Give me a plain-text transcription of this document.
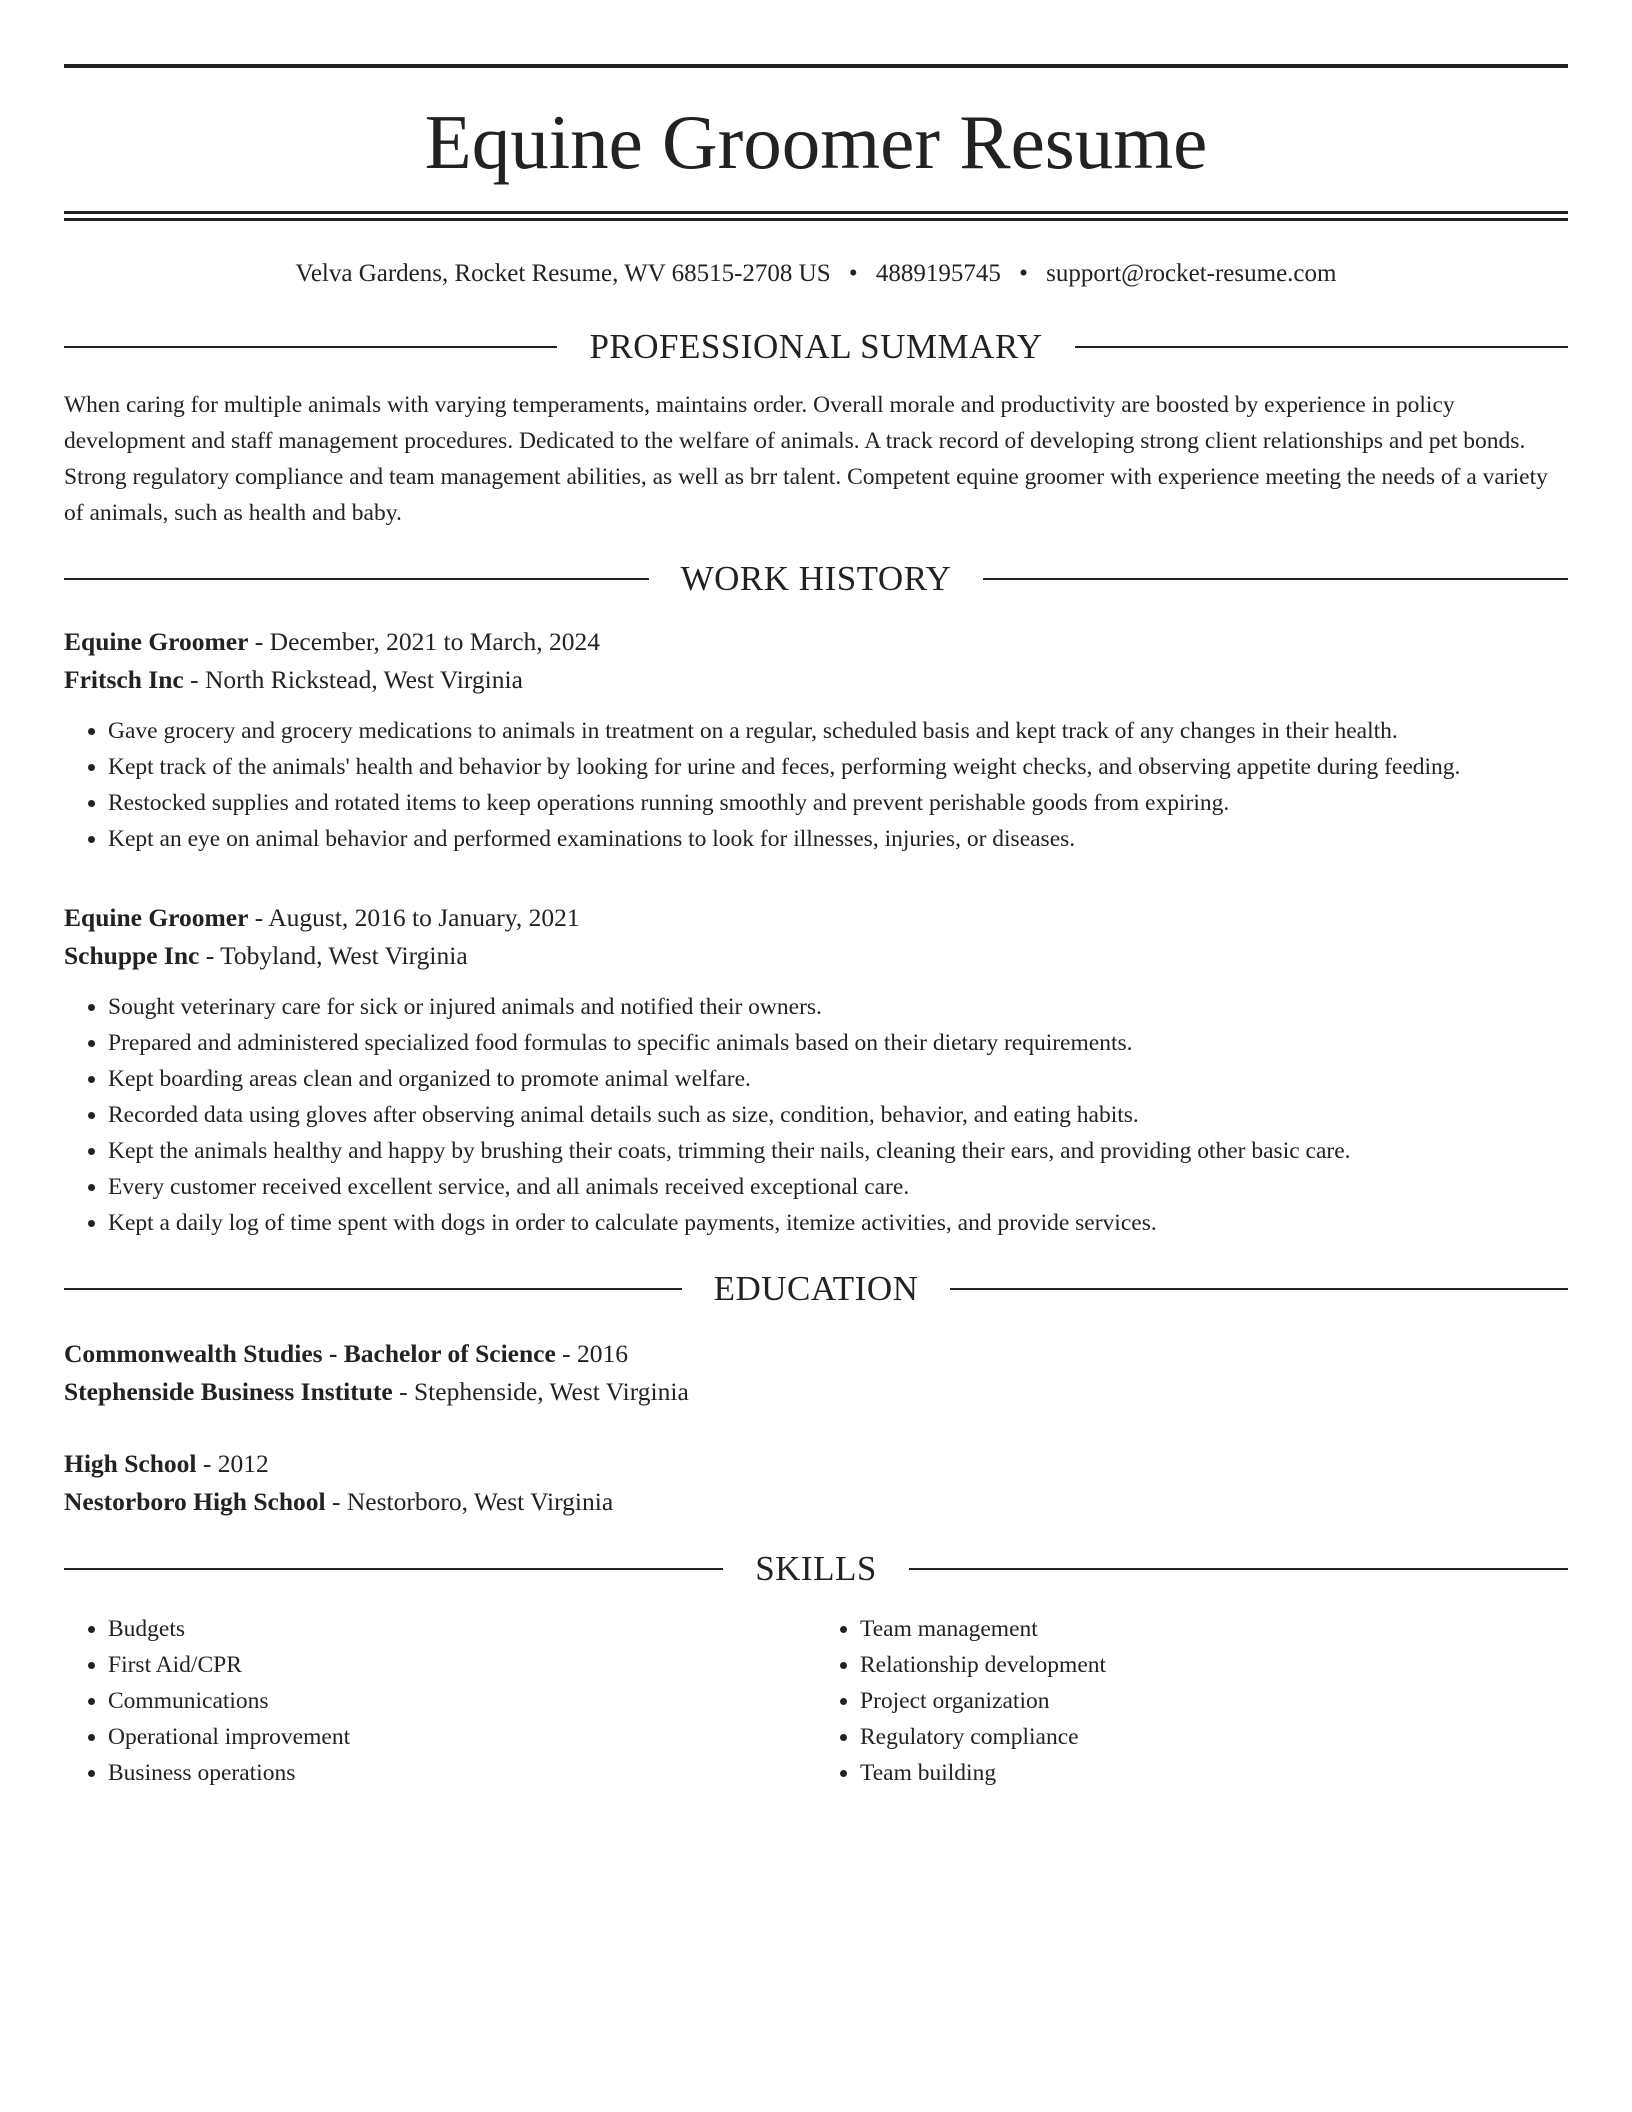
Equine Groomer Resume
Velva Gardens, Rocket Resume, WV 68515-2708 US • 4889195745 • support@rocket-resume.com
PROFESSIONAL SUMMARY

When caring for multiple animals with varying temperaments, maintains order. Overall morale and productivity are boosted by experience in policy development and staff management procedures. Dedicated to the welfare of animals. A track record of developing strong client relationships and pet bonds. Strong regulatory compliance and team management abilities, as well as brr talent. Competent equine groomer with experience meeting the needs of a variety of animals, such as health and baby.

WORK HISTORY
Equine Groomer - December, 2021 to March, 2024
Fritsch Inc - North Rickstead, West Virginia
• Gave grocery and grocery medications to animals in treatment on a regular, scheduled basis and kept track of any changes in their health.
• Kept track of the animals' health and behavior by looking for urine and feces, performing weight checks, and observing appetite during feeding.
• Restocked supplies and rotated items to keep operations running smoothly and prevent perishable goods from expiring.
• Kept an eye on animal behavior and performed examinations to look for illnesses, injuries, or diseases.
Equine Groomer - August, 2016 to January, 2021
Schuppe Inc - Tobyland, West Virginia
• Sought veterinary care for sick or injured animals and notified their owners.
• Prepared and administered specialized food formulas to specific animals based on their dietary requirements.
• Kept boarding areas clean and organized to promote animal welfare.
• Recorded data using gloves after observing animal details such as size, condition, behavior, and eating habits.
• Kept the animals healthy and happy by brushing their coats, trimming their nails, cleaning their ears, and providing other basic care.
• Every customer received excellent service, and all animals received exceptional care.
• Kept a daily log of time spent with dogs in order to calculate payments, itemize activities, and provide services.
EDUCATION
Commonwealth Studies - Bachelor of Science - 2016
Stephenside Business Institute - Stephenside, West Virginia
High School - 2012
Nestorboro High School - Nestorboro, West Virginia
SKILLS
• Budgets
• First Aid/CPR
• Communications
• Operational improvement
• Business operations
• Team management
• Relationship development
• Project organization
• Regulatory compliance
• Team building
